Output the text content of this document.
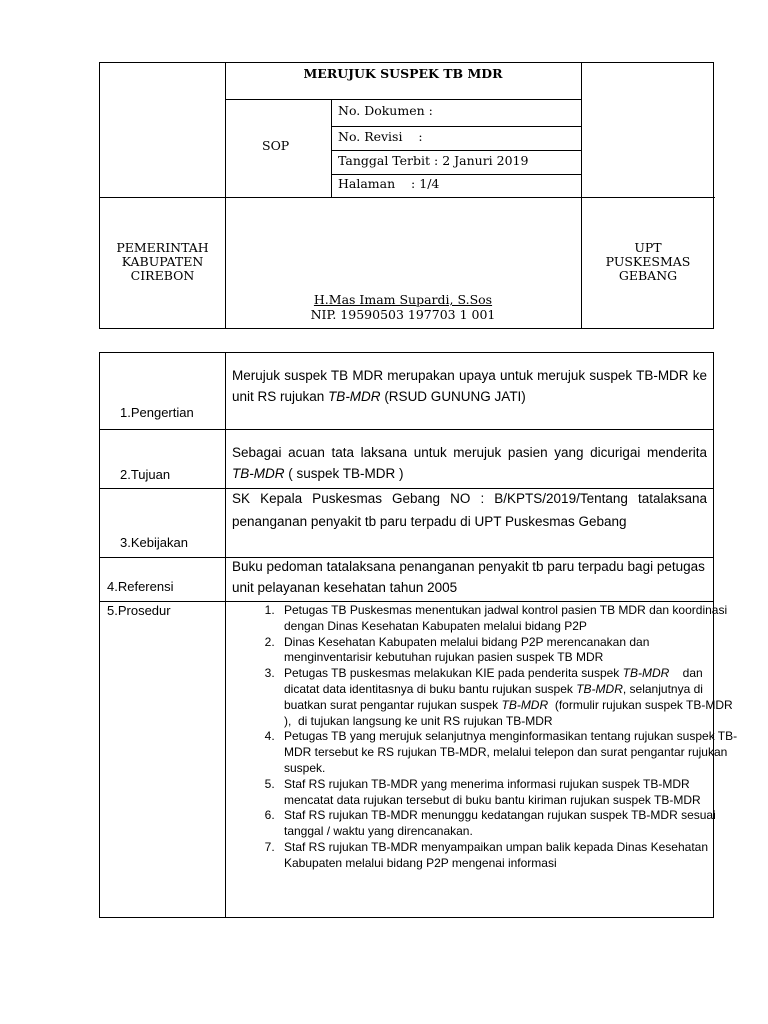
MERUJUK SUSPEK TB MDR
SOP
No. Dokumen :
No. Revisi    :
Tanggal Terbit : 2 Januri 2019
Halaman    : 1/4
PEMERINTAH
KABUPATEN
CIREBON
UPT
PUSKESMAS
GEBANG
H.Mas Imam Supardi, S.Sos
NIP. 19590503 197703 1 001
1.Pengertian
Merujuk suspek TB MDR merupakan upaya untuk merujuk suspek TB-MDR ke unit RS rujukan TB-MDR (RSUD GUNUNG JATI)
2.Tujuan
Sebagai acuan tata laksana untuk merujuk pasien yang dicurigai menderita TB-MDR ( suspek TB-MDR )
3.Kebijakan
SK Kepala Puskesmas Gebang NO : B/KPTS/2019/Tentang tatalaksana penanganan penyakit tb paru terpadu di UPT Puskesmas Gebang
4.Referensi
Buku pedoman tatalaksana penanganan penyakit tb paru terpadu bagi petugas unit pelayanan kesehatan tahun 2005
5.Prosedur
1.	Petugas TB Puskesmas menentukan jadwal kontrol pasien TB MDR dan koordinasi dengan Dinas Kesehatan Kabupaten melalui bidang P2P
2. Dinas Kesehatan Kabupaten melalui bidang P2P merencanakan dan menginventarisir kebutuhan rujukan pasien suspek TB MDR
3. Petugas TB puskesmas melakukan KIE pada penderita suspek TB-MDR    dan dicatat data identitasnya di buku bantu rujukan suspek TB-MDR, selanjutnya di buatkan surat pengantar rujukan suspek TB-MDR  (formulir rujukan suspek TB-MDR ),  di tujukan langsung ke unit RS rujukan TB-MDR
4. Petugas TB yang merujuk selanjutnya menginformasikan tentang rujukan suspek TB-MDR tersebut ke RS rujukan TB-MDR, melalui telepon dan surat pengantar rujukan suspek.
5. Staf RS rujukan TB-MDR yang menerima informasi rujukan suspek TB-MDR mencatat data rujukan tersebut di buku bantu kiriman rujukan suspek TB-MDR
6. Staf RS rujukan TB-MDR menunggu kedatangan rujukan suspek TB-MDR sesuai tanggal / waktu yang direncanakan.
7. Staf RS rujukan TB-MDR menyampaikan umpan balik kepada Dinas Kesehatan Kabupaten melalui bidang P2P mengenai informasi
